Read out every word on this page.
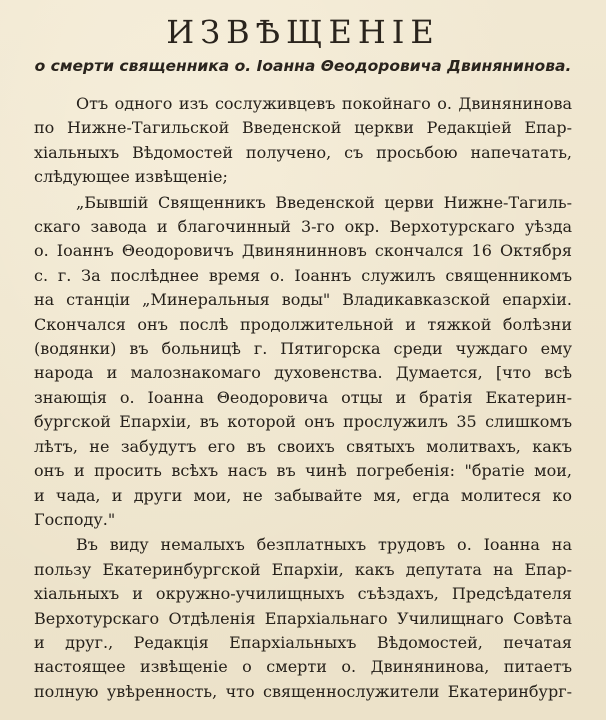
ИЗВѢЩЕНІЕ
о смерти священника о. Іоанна Θеодоровича Двинянинова.
Отъ одного изъ сослуживцевъ покойнаго о. Двинянинова
по Нижне-Тагильской Введенской церкви Редакціей Епар-
хіальныхъ Вѣдомостей получено, съ просьбою напечатать,
слѣдующее извѣщеніе;
„Бывшій Священникъ Введенской церви Нижне-Тагиль-
скаго завода и благочинный 3-го окр. Верхотурскаго уѣзда
о. Іоаннъ Θеодоровичъ Двинянинновъ скончался 16 Октября
с. г. За послѣднее время о. Іоаннъ служилъ священникомъ
на станціи „Минеральныя воды" Владикавказской епархіи.
Скончался онъ послѣ продолжительной и тяжкой болѣзни
(водянки) въ больницѣ г. Пятигорска среди чуждаго ему
народа и малознакомаго духовенства. Думается, [что всѣ
знающія о. Іоанна Θеодоровича отцы и братія Екатерин-
бургской Епархіи, въ которой онъ прослужилъ 35 слишкомъ
лѣтъ, не забудутъ его въ своихъ святыхъ молитвахъ, какъ
онъ и просить всѣхъ насъ въ чинѣ погребенія: "братіе мои,
и чада, и други мои, не забывайте мя, егда молитеся ко
Господу."
Въ виду немалыхъ безплатныхъ трудовъ о. Іоанна на
пользу Екатеринбургской Епархіи, какъ депутата на Епар-
хіальныхъ и окружно-училищныхъ съѣздахъ, Предсѣдателя
Верхотурскаго Отдѣленія Епархіальнаго Училищнаго Совѣта
и друг., Редакція Епархіальныхъ Вѣдомостей, печатая
настоящее извѣщеніе о смерти о. Двинянинова, питаетъ
полную увѣренность, что священнослужители Екатеринбург-
